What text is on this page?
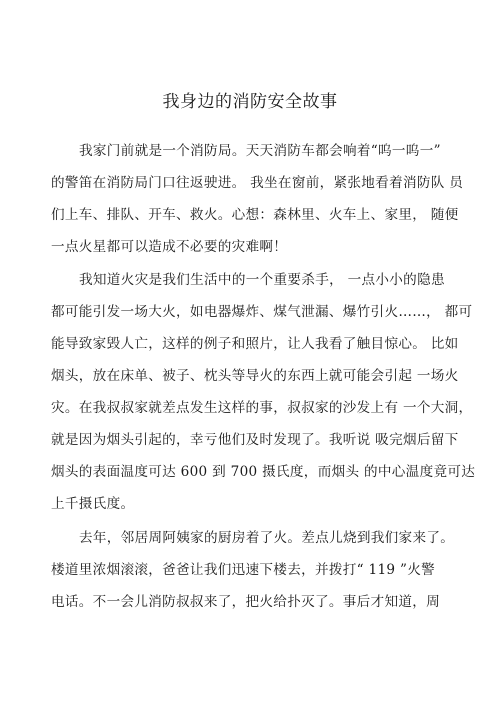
我身边的消防安全故事

我家门前就是一个消防局。天天消防车都会响着“呜一呜一”

的警笛在消防局门口往返驶进。 我坐在窗前，紧张地看着消防队 员

们上车、排队、开车、救火。心想：森林里、火车上、家里， 随便

一点火星都可以造成不必要的灾难啊！

我知道火灾是我们生活中的一个重要杀手， 一点小小的隐患

都可能引发一场大火，如电器爆炸、煤气泄漏、爆竹引火……， 都可

能导致家毁人亡，这样的例子和照片，让人我看了触目惊心。 比如

烟头，放在床单、被子、枕头等导火的东西上就可能会引起 一场火

灾。在我叔叔家就差点发生这样的事，叔叔家的沙发上有 一个大洞，

就是因为烟头引起的，幸亏他们及时发现了。我听说 吸完烟后留下

烟头的表面温度可达 600 到 700 摄氏度，而烟头 的中心温度竟可达

上千摄氏度。

去年，邻居周阿姨家的厨房着了火。差点儿烧到我们家来了。

楼道里浓烟滚滚，爸爸让我们迅速下楼去，并拨打“ 119 ”火警

电话。不一会儿消防叔叔来了，把火给扑灭了。事后才知道，周
